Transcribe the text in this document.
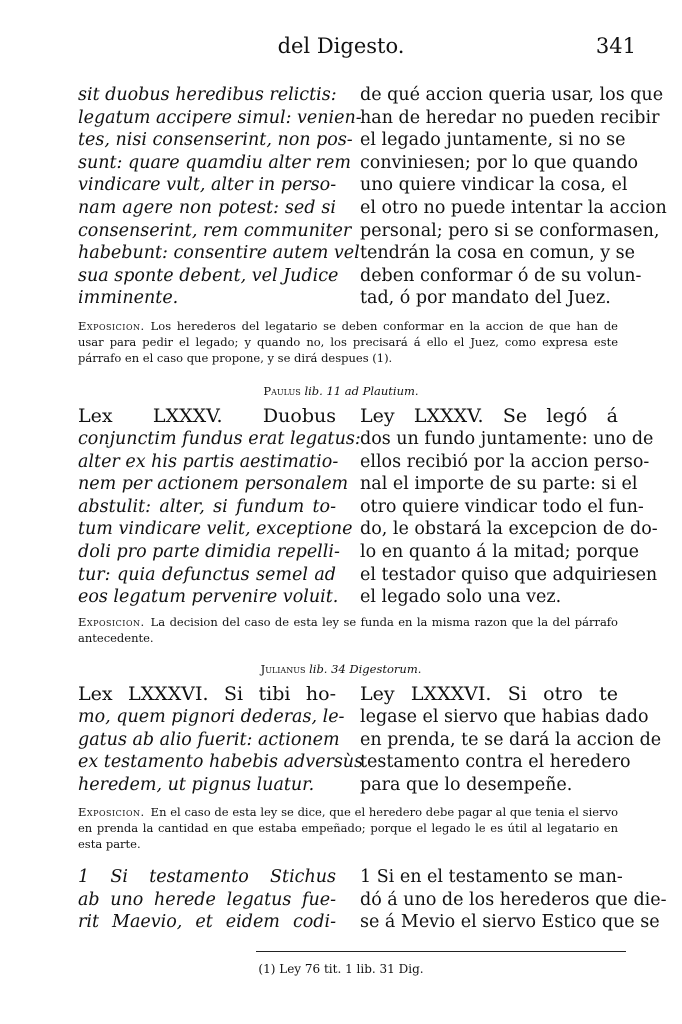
del Digesto.	341
sit duobus heredibus relictis:
legatum accipere simul: venien-
tes, nisi consenserint, non pos-
sunt: quare quamdiu alter rem
vindicare vult, alter in perso-
nam agere non potest: sed si
consenserint, rem communiter
habebunt: consentire autem vel
sua sponte debent, vel Judice
imminente.
de qué accion queria usar, los que
han de heredar no pueden recibir
el legado juntamente, si no se
conviniesen; por lo que quando
uno quiere vindicar la cosa, el
el otro no puede intentar la accion
personal; pero si se conformasen,
tendrán la cosa en comun, y se
deben conformar ó de su volun-
tad, ó por mandato del Juez.
Exposicion. Los herederos del legatario se deben conformar en la accion de que han de usar para pedir el legado; y quando no, los precisará á ello el Juez, como expresa este párrafo en el caso que propone, y se dirá despues (1).
Paulus lib. 11 ad Plautium.
Lex LXXXV. Duobus
conjunctim fundus erat legatus:
alter ex his partis aestimatio-
nem per actionem personalem
abstulit: alter, si fundum to-
tum vindicare velit, exceptione
doli pro parte dimidia repelli-
tur: quia defunctus semel ad
eos legatum pervenire voluit.
Ley LXXXV. Se legó á
dos un fundo juntamente: uno de
ellos recibió por la accion perso-
nal el importe de su parte: si el
otro quiere vindicar todo el fun-
do, le obstará la excepcion de do-
lo en quanto á la mitad; porque
el testador quiso que adquiriesen
el legado solo una vez.
Exposicion. La decision del caso de esta ley se funda en la misma razon que la del párrafo antecedente.
Julianus lib. 34 Digestorum.
Lex LXXXVI. Si tibi ho-
mo, quem pignori dederas, le-
gatus ab alio fuerit: actionem
ex testamento habebis adversùs
heredem, ut pignus luatur.
Ley LXXXVI. Si otro te
legase el siervo que habias dado
en prenda, te se dará la accion de
testamento contra el heredero
para que lo desempeñe.
Exposicion. En el caso de esta ley se dice, que el heredero debe pagar al que tenia el siervo en prenda la cantidad en que estaba empeñado; porque el legado le es útil al legatario en esta parte.
1 Si testamento Stichus
ab uno herede legatus fue-
rit Maevio, et eidem codi-
1 Si en el testamento se man-
dó á uno de los herederos que die-
se á Mevio el siervo Estico que se
(1) Ley 76 tit. 1 lib. 31 Dig.
